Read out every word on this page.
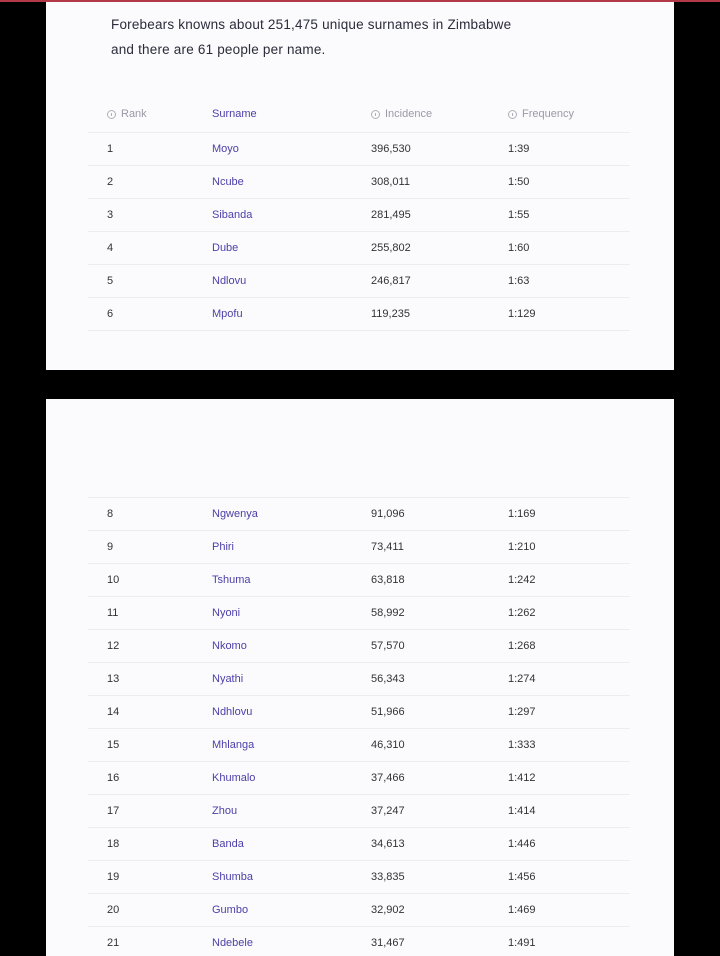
Forebears knowns about 251,475 unique surnames in Zimbabwe and there are 61 people per name.
Rank	Surname	Incidence	Frequency
1	Moyo	396,530	1:39
2	Ncube	308,011	1:50
3	Sibanda	281,495	1:55
4	Dube	255,802	1:60
5	Ndlovu	246,817	1:63
6	Mpofu	119,235	1:129
8	Ngwenya	91,096	1:169
9	Phiri	73,411	1:210
10	Tshuma	63,818	1:242
11	Nyoni	58,992	1:262
12	Nkomo	57,570	1:268
13	Nyathi	56,343	1:274
14	Ndhlovu	51,966	1:297
15	Mhlanga	46,310	1:333
16	Khumalo	37,466	1:412
17	Zhou	37,247	1:414
18	Banda	34,613	1:446
19	Shumba	33,835	1:456
20	Gumbo	32,902	1:469
21	Ndebele	31,467	1:491
